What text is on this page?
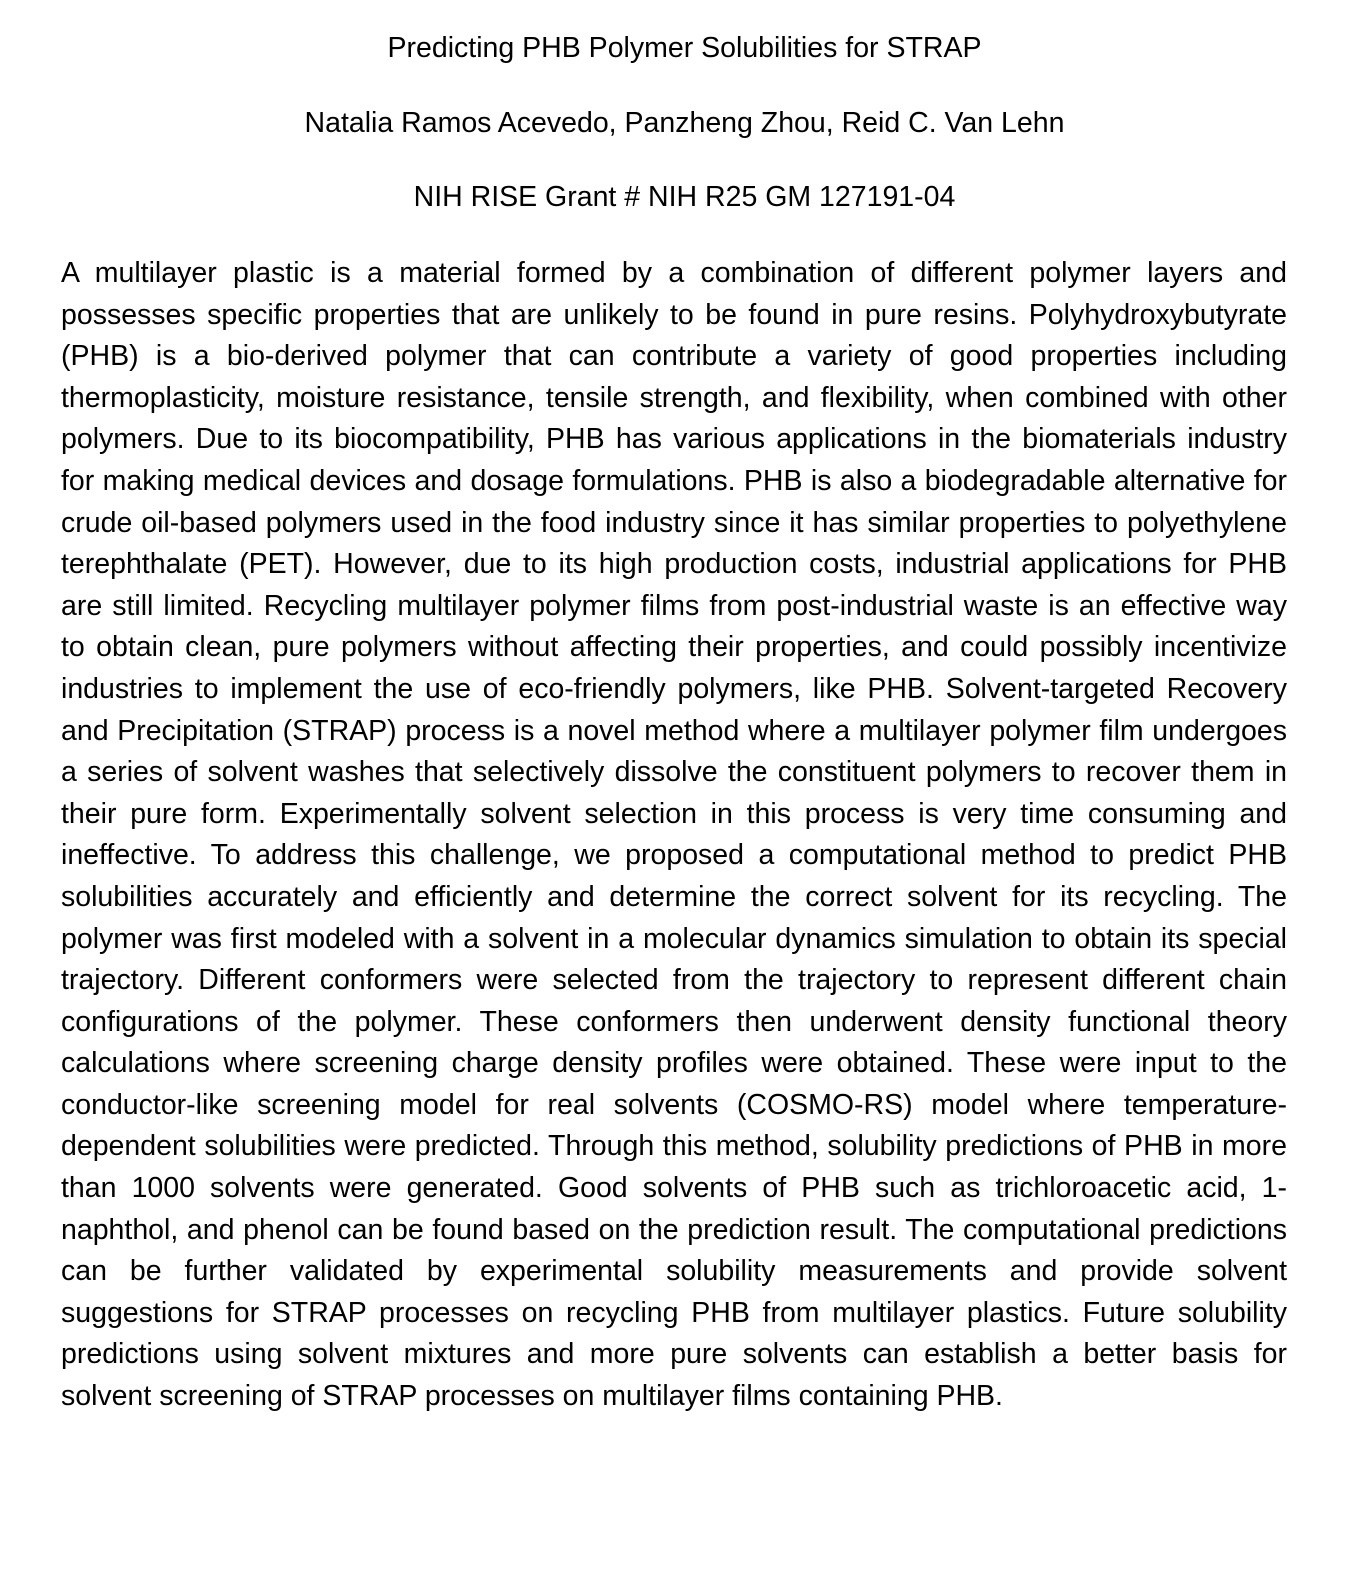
Predicting PHB Polymer Solubilities for STRAP
Natalia Ramos Acevedo, Panzheng Zhou, Reid C. Van Lehn
NIH RISE Grant # NIH R25 GM 127191-04

A multilayer plastic is a material formed by a combination of different polymer layers and possesses specific properties that are unlikely to be found in pure resins. Polyhydroxybutyrate (PHB) is a bio-derived polymer that can contribute a variety of good properties including thermoplasticity, moisture resistance, tensile strength, and flexibility, when combined with other polymers. Due to its biocompatibility, PHB has various applications in the biomaterials industry for making medical devices and dosage formulations. PHB is also a biodegradable alternative for crude oil-based polymers used in the food industry since it has similar properties to polyethylene terephthalate (PET). However, due to its high production costs, industrial applications for PHB are still limited. Recycling multilayer polymer films from post-industrial waste is an effective way to obtain clean, pure polymers without affecting their properties, and could possibly incentivize industries to implement the use of eco-friendly polymers, like PHB. Solvent-targeted Recovery and Precipitation (STRAP) process is a novel method where a multilayer polymer film undergoes a series of solvent washes that selectively dissolve the constituent polymers to recover them in their pure form. Experimentally solvent selection in this process is very time consuming and ineffective. To address this challenge, we proposed a computational method to predict PHB solubilities accurately and efficiently and determine the correct solvent for its recycling. The polymer was first modeled with a solvent in a molecular dynamics simulation to obtain its special trajectory. Different conformers were selected from the trajectory to represent different chain configurations of the polymer. These conformers then underwent density functional theory calculations where screening charge density profiles were obtained. These were input to the conductor-like screening model for real solvents (COSMO-RS) model where temperature-dependent solubilities were predicted. Through this method, solubility predictions of PHB in more than 1000 solvents were generated. Good solvents of PHB such as trichloroacetic acid, 1-naphthol, and phenol can be found based on the prediction result. The computational predictions can be further validated by experimental solubility measurements and provide solvent suggestions for STRAP processes on recycling PHB from multilayer plastics. Future solubility predictions using solvent mixtures and more pure solvents can establish a better basis for solvent screening of STRAP processes on multilayer films containing PHB.
